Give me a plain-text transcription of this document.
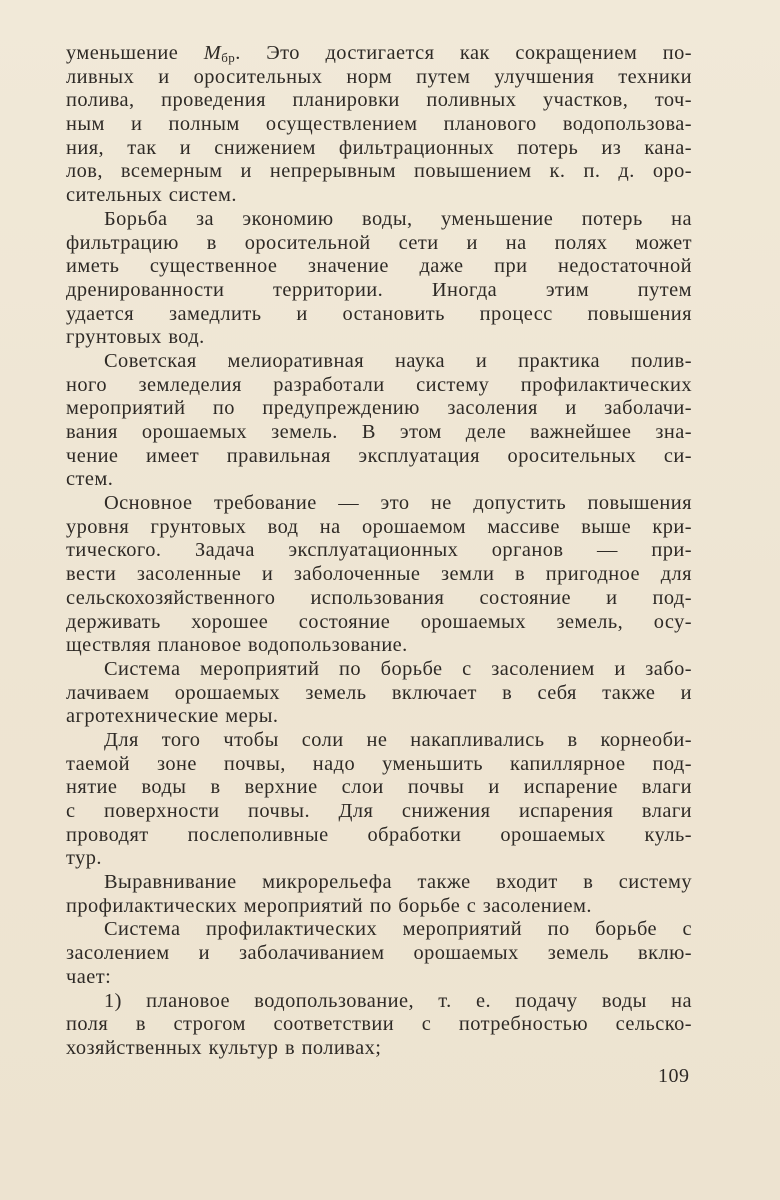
уменьшение $M_{бр}$. Это достигается как сокращением по-
ливных и оросительных норм путем улучшения техники
полива, проведения планировки поливных участков, точ-
ным и полным осуществлением планового водопользова-
ния, так и снижением фильтрационных потерь из кана-
лов, всемерным и непрерывным повышением к. п. д. оро-
сительных систем.
Борьба за экономию воды, уменьшение потерь на
фильтрацию в оросительной сети и на полях может
иметь существенное значение даже при недостаточной
дренированности территории. Иногда этим путем
удается замедлить и остановить процесс повышения
грунтовых вод.
Советская мелиоративная наука и практика полив-
ного земледелия разработали систему профилактических
мероприятий по предупреждению засоления и заболачи-
вания орошаемых земель. В этом деле важнейшее зна-
чение имеет правильная эксплуатация оросительных си-
стем.
Основное требование — это не допустить повышения
уровня грунтовых вод на орошаемом массиве выше кри-
тического. Задача эксплуатационных органов — при-
вести засоленные и заболоченные земли в пригодное для
сельскохозяйственного использования состояние и под-
держивать хорошее состояние орошаемых земель, осу-
ществляя плановое водопользование.
Система мероприятий по борьбе с засолением и забо-
лачиваем орошаемых земель включает в себя также и
агротехнические меры.
Для того чтобы соли не накапливались в корнеоби-
таемой зоне почвы, надо уменьшить капиллярное под-
нятие воды в верхние слои почвы и испарение влаги
с поверхности почвы. Для снижения испарения влаги
проводят послеполивные обработки орошаемых куль-
тур.
Выравнивание микрорельефа также входит в систему
профилактических мероприятий по борьбе с засолением.
Система профилактических мероприятий по борьбе с
засолением и заболачиванием орошаемых земель вклю-
чает:
1) плановое водопользование, т. е. подачу воды на
поля в строгом соответствии с потребностью сельско-
хозяйственных культур в поливах;
109
